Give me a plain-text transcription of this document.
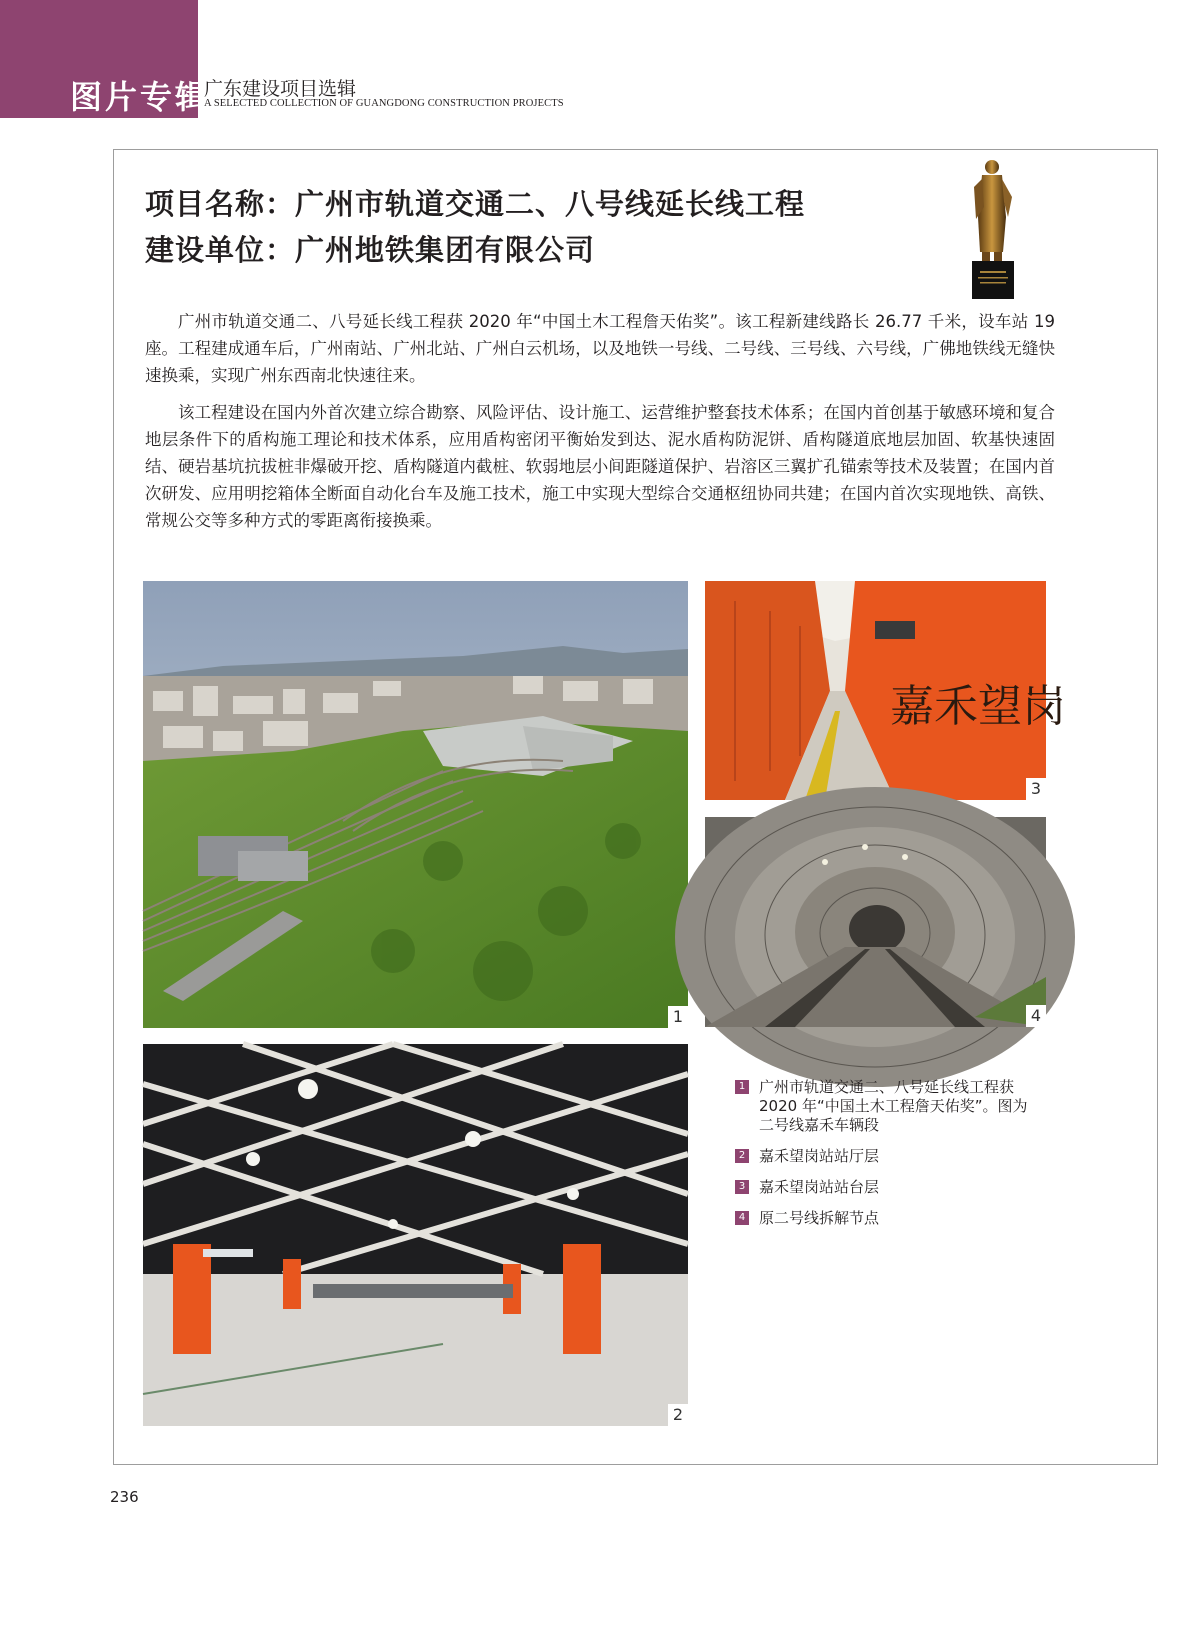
图片专辑
广东建设项目选辑
A SELECTED COLLECTION OF GUANGDONG CONSTRUCTION PROJECTS
项目名称：广州市轨道交通二、八号线延长线工程
建设单位：广州地铁集团有限公司

广州市轨道交通二、八号延长线工程获 2020 年“中国土木工程詹天佑奖”。该工程新建线路长 26.77 千米，设车站 19 座。工程建成通车后，广州南站、广州北站、广州白云机场，以及地铁一号线、二号线、三号线、六号线，广佛地铁线无缝快速换乘，实现广州东西南北快速往来。

该工程建设在国内外首次建立综合勘察、风险评估、设计施工、运营维护整套技术体系；在国内首创基于敏感环境和复合地层条件下的盾构施工理论和技术体系，应用盾构密闭平衡始发到达、泥水盾构防泥饼、盾构隧道底地层加固、软基快速固结、硬岩基坑抗拔桩非爆破开挖、盾构隧道内截桩、软弱地层小间距隧道保护、岩溶区三翼扩孔锚索等技术及装置；在国内首次研发、应用明挖箱体全断面自动化台车及施工技术，施工中实现大型综合交通枢纽协同共建；在国内首次实现地铁、高铁、常规公交等多种方式的零距离衔接换乘。

1
嘉禾望岗
3
4
2
1 广州市轨道交通二、八号延长线工程获 2020 年“中国土木工程詹天佑奖”。图为二号线嘉禾车辆段
2 嘉禾望岗站站厅层
3 嘉禾望岗站站台层
4 原二号线拆解节点
236
